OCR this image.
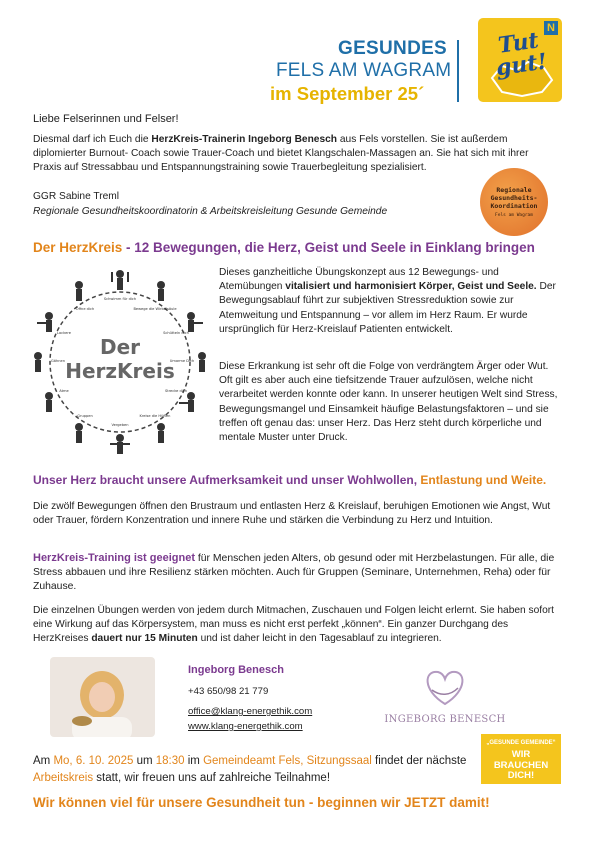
GESUNDES
FELS AM WAGRAM
im September 25´
Tut gut!
N

Liebe Felserinnen und Felser!

Diesmal darf ich Euch die HerzKreis-Trainerin Ingeborg Benesch aus Fels vorstellen. Sie ist außerdem diplomierter Burnout- Coach sowie Trauer-Coach und bietet Klangschalen-Massagen an. Sie hat sich mit ihrer Praxis auf Stressabbau und Entspannungstraining sowie Trauerbegleitung spezialisiert.

GGR Sabine Treml

Regionale Gesundheitskoordinatorin & Arbeitskreisleitung Gesunde Gemeinde

Regionale
Gesundheits-
Koordination
Fels am Wagram
Der HerzKreis - 12 Bewegungen, die Herz, Geist und Seele in Einklang bringen
Der
HerzKreis
Schwimm für dich
Bewege die Wirbelsäule
Schütteln dich
Umarme Dich
Strecke dich
Kreise die Hüften
Vergeben
Gruppen
Atme
Gähnen
Lockere
Öffne dich

Dieses ganzheitliche Übungskonzept aus 12 Bewegungs- und Atemübungen vitalisiert und harmonisiert Körper, Geist und Seele. Der Bewegungsablauf führt zur subjektiven Stressreduktion sowie zur Atemweitung und Entspannung – vor allem im Herz Raum. Er wurde ursprünglich für Herz-Kreislauf Patienten entwickelt.

Diese Erkrankung ist sehr oft die Folge von verdrängtem Ärger oder Wut. Oft gilt es aber auch eine tiefsitzende Trauer aufzulösen, welche nicht verarbeitet werden konnte oder kann. In unserer heutigen Welt sind Stress, Bewegungsmangel und Einsamkeit häufige Belastungsfaktoren – und sie treffen oft genau das: unser Herz. Das Herz steht durch körperliche und mentale Muster unter Druck.

Unser Herz braucht unsere Aufmerksamkeit und unser Wohlwollen, Entlastung und Weite.

Die zwölf Bewegungen öffnen den Brustraum und entlasten Herz & Kreislauf, beruhigen Emotionen wie Angst, Wut oder Trauer, fördern Konzentration und innere Ruhe und stärken die Verbindung zu Herz und Intuition.

HerzKreis-Training ist geeignet für Menschen jeden Alters, ob gesund oder mit Herzbelastungen. Für alle, die Stress abbauen und ihre Resilienz stärken möchten. Auch für Gruppen (Seminare, Unternehmen, Reha) oder für Zuhause.

Die einzelnen Übungen werden von jedem durch Mitmachen, Zuschauen und Folgen leicht erlernt. Sie haben sofort eine Wirkung auf das Körpersystem, man muss es nicht erst perfekt „können“. Ein ganzer Durchgang des HerzKreises dauert nur 15 Minuten und ist daher leicht in den Tagesablauf zu integrieren.

Ingeborg Benesch
+43 650/98 21 779
office@klang-energethik.com
www.klang-energethik.com
INGEBORG BENESCH
„GESUNDE GEMEINDE“
WIR
BRAUCHEN
DICH!
Am Mo, 6. 10. 2025 um 18:30 im Gemeindeamt Fels, Sitzungssaal findet der nächste Arbeitskreis statt, wir freuen uns auf zahlreiche Teilnahme!
Wir können viel für unsere Gesundheit tun - beginnen wir JETZT damit!
